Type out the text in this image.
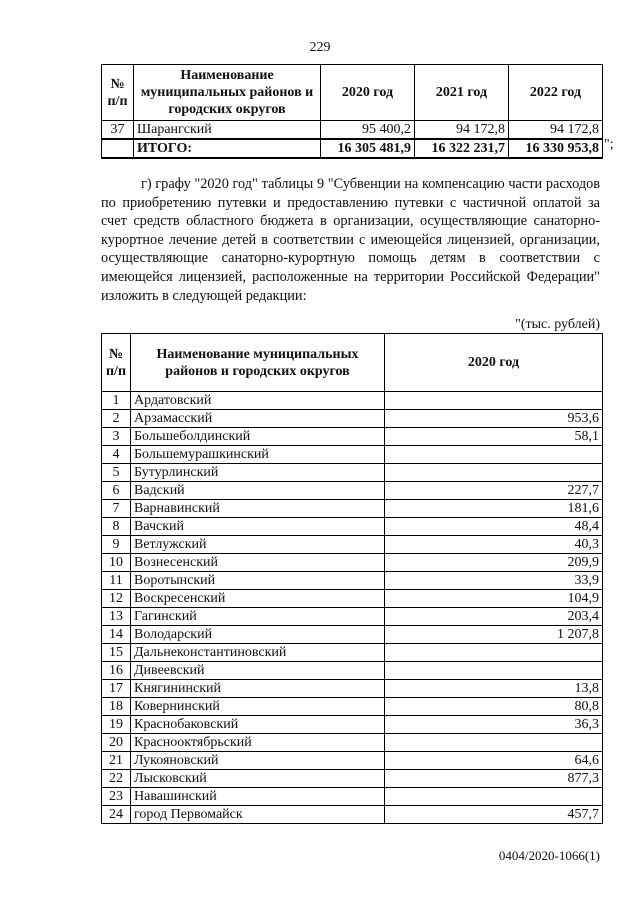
229
№ п/п	Наименование муниципальных районов и городских округов	2020 год	2021 год	2022 год
37	Шарангский	95 400,2	94 172,8	94 172,8
	ИТОГО:	16 305 481,9	16 322 231,7	16 330 953,8 ";
г) графу "2020 год" таблицы 9 "Субвенции на компенсацию части расходов по приобретению путевки и предоставлению путевки с частичной оплатой за счет средств областного бюджета в организации, осуществляющие санаторно-курортное лечение детей в соответствии с имеющейся лицензией, организации, осуществляющие санаторно-курортную помощь детям в соответствии с имеющейся лицензией, расположенные на территории Российской Федерации" изложить в следующей редакции:
"(тыс. рублей)
№ п/п	Наименование муниципальных районов и городских округов	2020 год
1	Ардатовский	
2	Арзамасский	953,6
3	Большеболдинский	58,1
4	Большемурашкинский	
5	Бутурлинский	
6	Вадский	227,7
7	Варнавинский	181,6
8	Вачский	48,4
9	Ветлужский	40,3
10	Вознесенский	209,9
11	Воротынский	33,9
12	Воскресенский	104,9
13	Гагинский	203,4
14	Володарский	1 207,8
15	Дальнеконстантиновский	
16	Дивеевский	
17	Княгининский	13,8
18	Ковернинский	80,8
19	Краснобаковский	36,3
20	Краснооктябрьский	
21	Лукояновский	64,6
22	Лысковский	877,3
23	Навашинский	
24	город Первомайск	457,7
0404/2020-1066(1)
